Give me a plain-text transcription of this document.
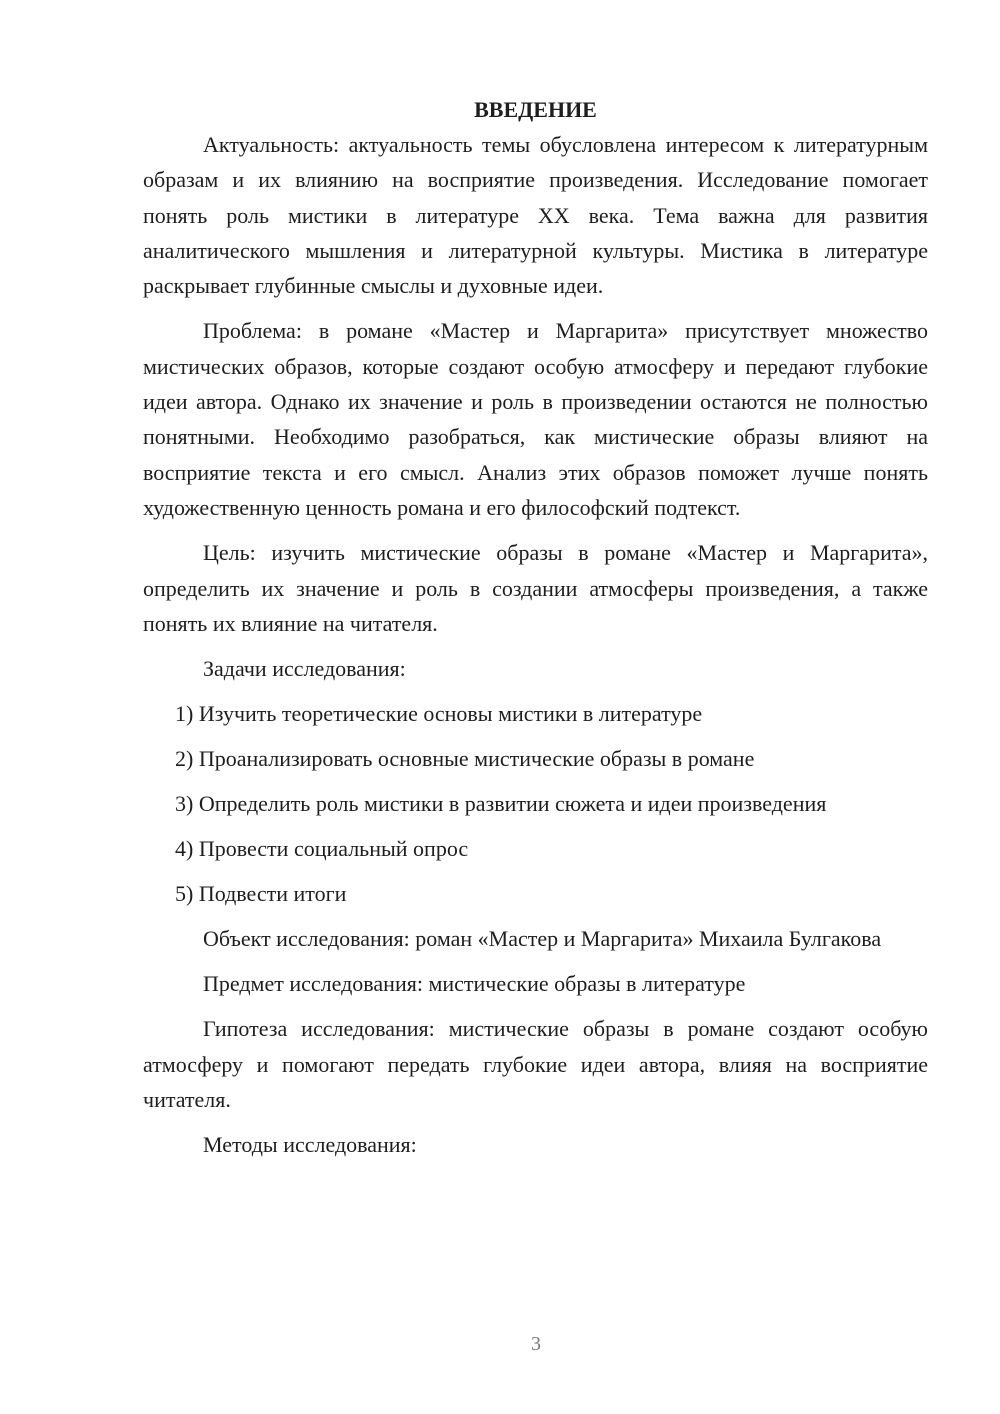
ВВЕДЕНИЕ

Актуальность: актуальность темы обусловлена интересом к литературным образам и их влиянию на восприятие произведения. Исследование помогает понять роль мистики в литературе XX века. Тема важна для развития аналитического мышления и литературной культуры. Мистика в литературе раскрывает глубинные смыслы и духовные идеи.

Проблема: в романе «Мастер и Маргарита» присутствует множество мистических образов, которые создают особую атмосферу и передают глубокие идеи автора. Однако их значение и роль в произведении остаются не полностью понятными. Необходимо разобраться, как мистические образы влияют на восприятие текста и его смысл. Анализ этих образов поможет лучше понять художественную ценность романа и его философский подтекст.

Цель: изучить мистические образы в романе «Мастер и Маргарита», определить их значение и роль в создании атмосферы произведения, а также понять их влияние на читателя.

Задачи исследования:

1) Изучить теоретические основы мистики в литературе
2) Проанализировать основные мистические образы в романе
3) Определить роль мистики в развитии сюжета и идеи произведения
4) Провести социальный опрос
5) Подвести итоги

Объект исследования: роман «Мастер и Маргарита» Михаила Булгакова

Предмет исследования: мистические образы в литературе

Гипотеза исследования: мистические образы в романе создают особую атмосферу и помогают передать глубокие идеи автора, влияя на восприятие читателя.

Методы исследования:

3
